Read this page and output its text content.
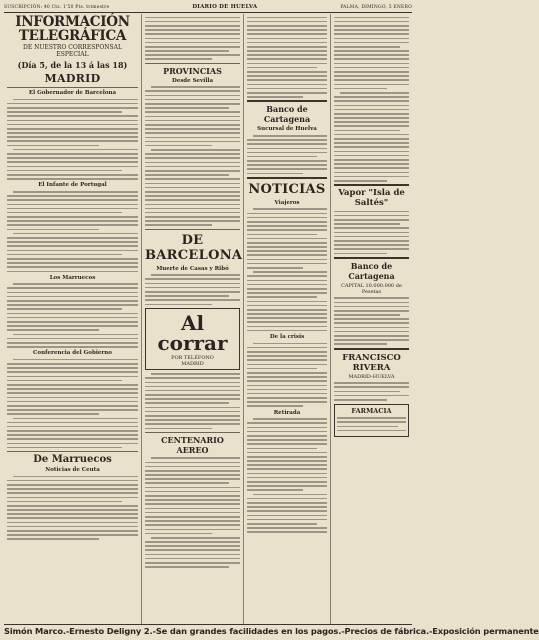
SUSCRIPCIÓN: 40 Cts. 1'50 Pts. trimestre	DIARIO DE HUELVA	PALMA, DIMINGO, 5 ENERO
INFORMACIÓN TELEGRÁFICA
DE NUESTRO CORRESPONSAL ESPECIAL
(Día 5, de la 13 á las 18)
MADRID
El Gobernador de Barcelona
El Infante de Portugal
Los Marruecos
Conferencia del Gobierno
De Marruecos
Noticias de Ceuta
PROVINCIAS
Desde Sevilla
DE BARCELONA
Muerte de Casas y Ribó
Al corrar
POR TELÉFONO
MADRID
CENTENARIO AEREO
Banco de Cartagena
Sucursal de Huelva
NOTICIAS
Viajeros
De la crisis
Retirada
Vapor "Isla de Saltés"
Banco de Cartagena
CAPITAL 10.000.000 de Pesetas
FRANCISCO RIVERA
MADRID-HUELVA
FARMACIA
Simón Marco.-Ernesto Deligny 2.-Se dan grandes facilidades en los pagos.-Precios de fábrica.-Exposición permanente
